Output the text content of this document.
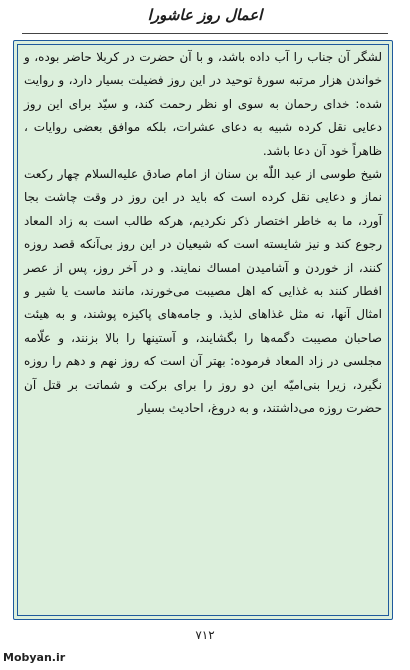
اعمال روز عاشورا

لشگر آن جناب را آب داده باشد، و با آن حضرت در كربلا حاضر بوده، و خواندن هزار مرتبه سورهٔ توحيد در اين روز فضيلت بسيار دارد، و روايت شده: خداى رحمان به سوى او نظر رحمت كند، و سيّد براى اين روز دعايى نقل كرده شبيه به دعاى عشرات، بلكه موافق بعضى روايات ، ظاهراً خود آن دعا باشد.

شيخ طوسى از عبد اللّٰه بن سنان از امام صادق عليه‌السلام چهار ركعت نماز و دعايى نقل كرده است كه بايد در اين روز در وقت چاشت بجا آورد، ما به خاطر اختصار ذكر نكرديم، هركه طالب است به زاد المعاد رجوع كند و نيز شايسته است كه شيعيان در اين روز بى‌آنكه قصد روزه كنند، از خوردن و آشاميدن امساك نمايند. و در آخر روز، پس از عصر افطار كنند به غذايى كه اهل مصيبت مى‌خورند، مانند ماست يا شير و امثال آنها، نه مثل غذاهاى لذيذ. و جامه‌هاى پاكيزه پوشند، و به هيئت صاحبان مصيبت دگمه‌ها را بگشايند، و آستينها را بالا بزنند، و علّامه مجلسى در زاد المعاد فرموده: بهتر آن است كه روز نهم و دهم را روزه نگيرد، زيرا بنى‌اميّه اين دو روز را براى بركت و شماتت بر قتل آن حضرت روزه مى‌داشتند، و به دروغ، احاديث بسيار

٧١٢
Mobyan.ir
